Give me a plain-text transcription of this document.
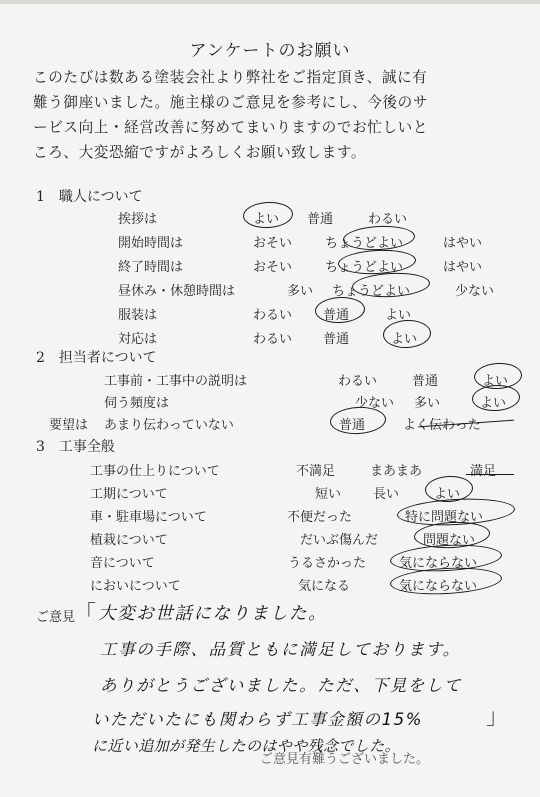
アンケートのお願い
このたびは数ある塗装会社より弊社をご指定頂き、誠に有
難う御座いました。施主様のご意見を参考にし、今後のサ
ービス向上・経営改善に努めてまいりますのでお忙しいと
ころ、大変恐縮ですがよろしくお願い致します。
1　職人について
挨拶は	よい 普通	わるい
開始時間は	おそい	ちょうどよい	はやい
終了時間は	おそい	ちょうどよい	はやい
昼休み・休憩時間は	多い ちょうどよい	少ない
服装は	わるい 普通	よい
対応は	わるい 普通	よい
2　担当者について
工事前・工事中の説明は	わるい	普通	よい
伺う頻度は	少ない 多い	よい
要望は あまり伝わっていない	普通	よく伝わった
3　工事全般
工事の仕上りについて	不満足	まあまあ	満足
工期について	短い 長い	よい
車・駐車場について	不便だった	特に問題ない
植栽について	だいぶ傷んだ	問題ない
音について	うるさかった	気にならない
においについて	気になる	気にならない
ご意見
「 大変お世話になりました。
工事の手際、品質ともに満足しております。
ありがとうございました。ただ、下見をして
いただいたにも関わらず工事金額の15%	」
に近い追加が発生したのはやや残念でした。
ご意見有難うございました。
